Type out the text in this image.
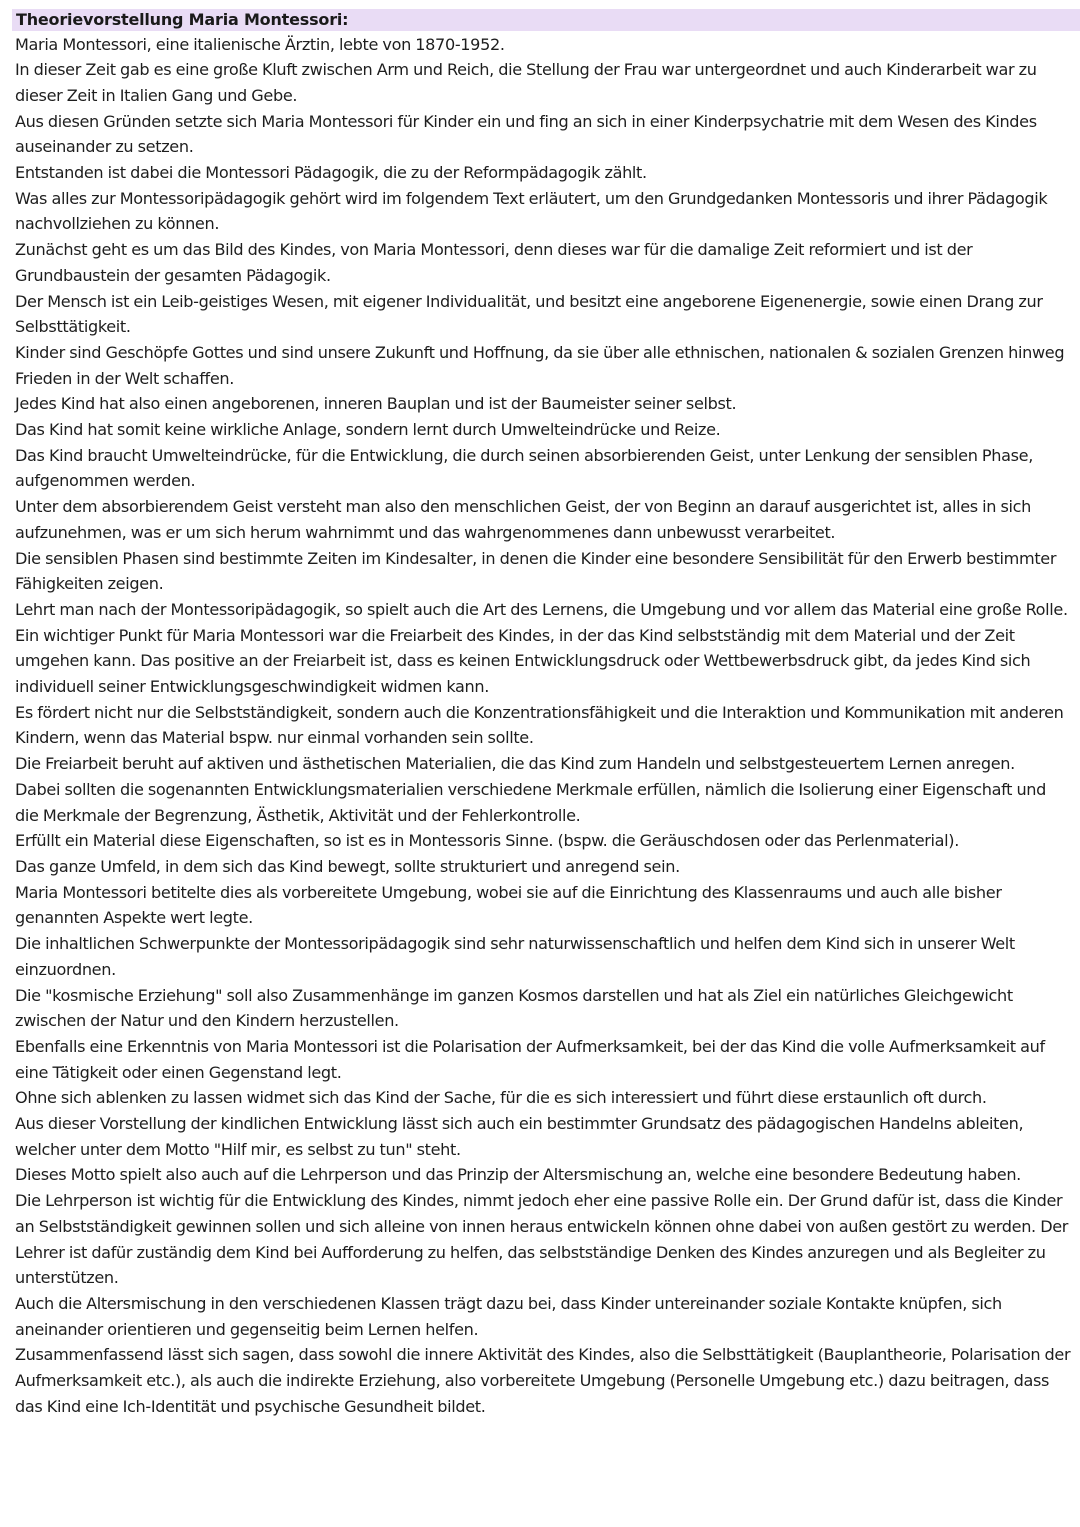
Theorievorstellung Maria Montessori:

Maria Montessori, eine italienische Ärztin, lebte von 1870-1952.

In dieser Zeit gab es eine große Kluft zwischen Arm und Reich, die Stellung der Frau war untergeordnet und auch Kinderarbeit war zu dieser Zeit in Italien Gang und Gebe.

Aus diesen Gründen setzte sich Maria Montessori für Kinder ein und fing an sich in einer Kinderpsychatrie mit dem Wesen des Kindes auseinander zu setzen.

Entstanden ist dabei die Montessori Pädagogik, die zu der Reformpädagogik zählt.

Was alles zur Montessoripädagogik gehört wird im folgendem Text erläutert, um den Grundgedanken Montessoris und ihrer Pädagogik nachvollziehen zu können.

Zunächst geht es um das Bild des Kindes, von Maria Montessori, denn dieses war für die damalige Zeit reformiert und ist der Grundbaustein der gesamten Pädagogik.

Der Mensch ist ein Leib-geistiges Wesen, mit eigener Individualität, und besitzt eine angeborene Eigenenergie, sowie einen Drang zur Selbsttätigkeit.

Kinder sind Geschöpfe Gottes und sind unsere Zukunft und Hoffnung, da sie über alle ethnischen, nationalen & sozialen Grenzen hinweg Frieden in der Welt schaffen.

Jedes Kind hat also einen angeborenen, inneren Bauplan und ist der Baumeister seiner selbst.

Das Kind hat somit keine wirkliche Anlage, sondern lernt durch Umwelteindrücke und Reize.

Das Kind braucht Umwelteindrücke, für die Entwicklung, die durch seinen absorbierenden Geist, unter Lenkung der sensiblen Phase, aufgenommen werden.

Unter dem absorbierendem Geist versteht man also den menschlichen Geist, der von Beginn an darauf ausgerichtet ist, alles in sich aufzunehmen, was er um sich herum wahrnimmt und das wahrgenommenes dann unbewusst verarbeitet.

Die sensiblen Phasen sind bestimmte Zeiten im Kindesalter, in denen die Kinder eine besondere Sensibilität für den Erwerb bestimmter Fähigkeiten zeigen.

Lehrt man nach der Montessoripädagogik, so spielt auch die Art des Lernens, die Umgebung und vor allem das Material eine große Rolle.

Ein wichtiger Punkt für Maria Montessori war die Freiarbeit des Kindes, in der das Kind selbstständig mit dem Material und der Zeit umgehen kann. Das positive an der Freiarbeit ist, dass es keinen Entwicklungsdruck oder Wettbewerbsdruck gibt, da jedes Kind sich individuell seiner Entwicklungsgeschwindigkeit widmen kann.

Es fördert nicht nur die Selbstständigkeit, sondern auch die Konzentrationsfähigkeit und die Interaktion und Kommunikation mit anderen Kindern, wenn das Material bspw. nur einmal vorhanden sein sollte.

Die Freiarbeit beruht auf aktiven und ästhetischen Materialien, die das Kind zum Handeln und selbstgesteuertem Lernen anregen.

Dabei sollten die sogenannten Entwicklungsmaterialien verschiedene Merkmale erfüllen, nämlich die Isolierung einer Eigenschaft und die Merkmale der Begrenzung, Ästhetik, Aktivität und der Fehlerkontrolle.

Erfüllt ein Material diese Eigenschaften, so ist es in Montessoris Sinne. (bspw. die Geräuschdosen oder das Perlenmaterial).

Das ganze Umfeld, in dem sich das Kind bewegt, sollte strukturiert und anregend sein.

Maria Montessori betitelte dies als vorbereitete Umgebung, wobei sie auf die Einrichtung des Klassenraums und auch alle bisher genannten Aspekte wert legte.

Die inhaltlichen Schwerpunkte der Montessoripädagogik sind sehr naturwissenschaftlich und helfen dem Kind sich in unserer Welt einzuordnen.

Die "kosmische Erziehung" soll also Zusammenhänge im ganzen Kosmos darstellen und hat als Ziel ein natürliches Gleichgewicht zwischen der Natur und den Kindern herzustellen.

Ebenfalls eine Erkenntnis von Maria Montessori ist die Polarisation der Aufmerksamkeit, bei der das Kind die volle Aufmerksamkeit auf eine Tätigkeit oder einen Gegenstand legt.

Ohne sich ablenken zu lassen widmet sich das Kind der Sache, für die es sich interessiert und führt diese erstaunlich oft durch.

Aus dieser Vorstellung der kindlichen Entwicklung lässt sich auch ein bestimmter Grundsatz des pädagogischen Handelns ableiten, welcher unter dem Motto "Hilf mir, es selbst zu tun" steht.

Dieses Motto spielt also auch auf die Lehrperson und das Prinzip der Altersmischung an, welche eine besondere Bedeutung haben.

Die Lehrperson ist wichtig für die Entwicklung des Kindes, nimmt jedoch eher eine passive Rolle ein. Der Grund dafür ist, dass die Kinder an Selbstständigkeit gewinnen sollen und sich alleine von innen heraus entwickeln können ohne dabei von außen gestört zu werden. Der Lehrer ist dafür zuständig dem Kind bei Aufforderung zu helfen, das selbstständige Denken des Kindes anzuregen und als Begleiter zu unterstützen.

Auch die Altersmischung in den verschiedenen Klassen trägt dazu bei, dass Kinder untereinander soziale Kontakte knüpfen, sich aneinander orientieren und gegenseitig beim Lernen helfen.

Zusammenfassend lässt sich sagen, dass sowohl die innere Aktivität des Kindes, also die Selbsttätigkeit (Bauplantheorie, Polarisation der Aufmerksamkeit etc.), als auch die indirekte Erziehung, also vorbereitete Umgebung (Personelle Umgebung etc.) dazu beitragen, dass das Kind eine Ich-Identität und psychische Gesundheit bildet.
